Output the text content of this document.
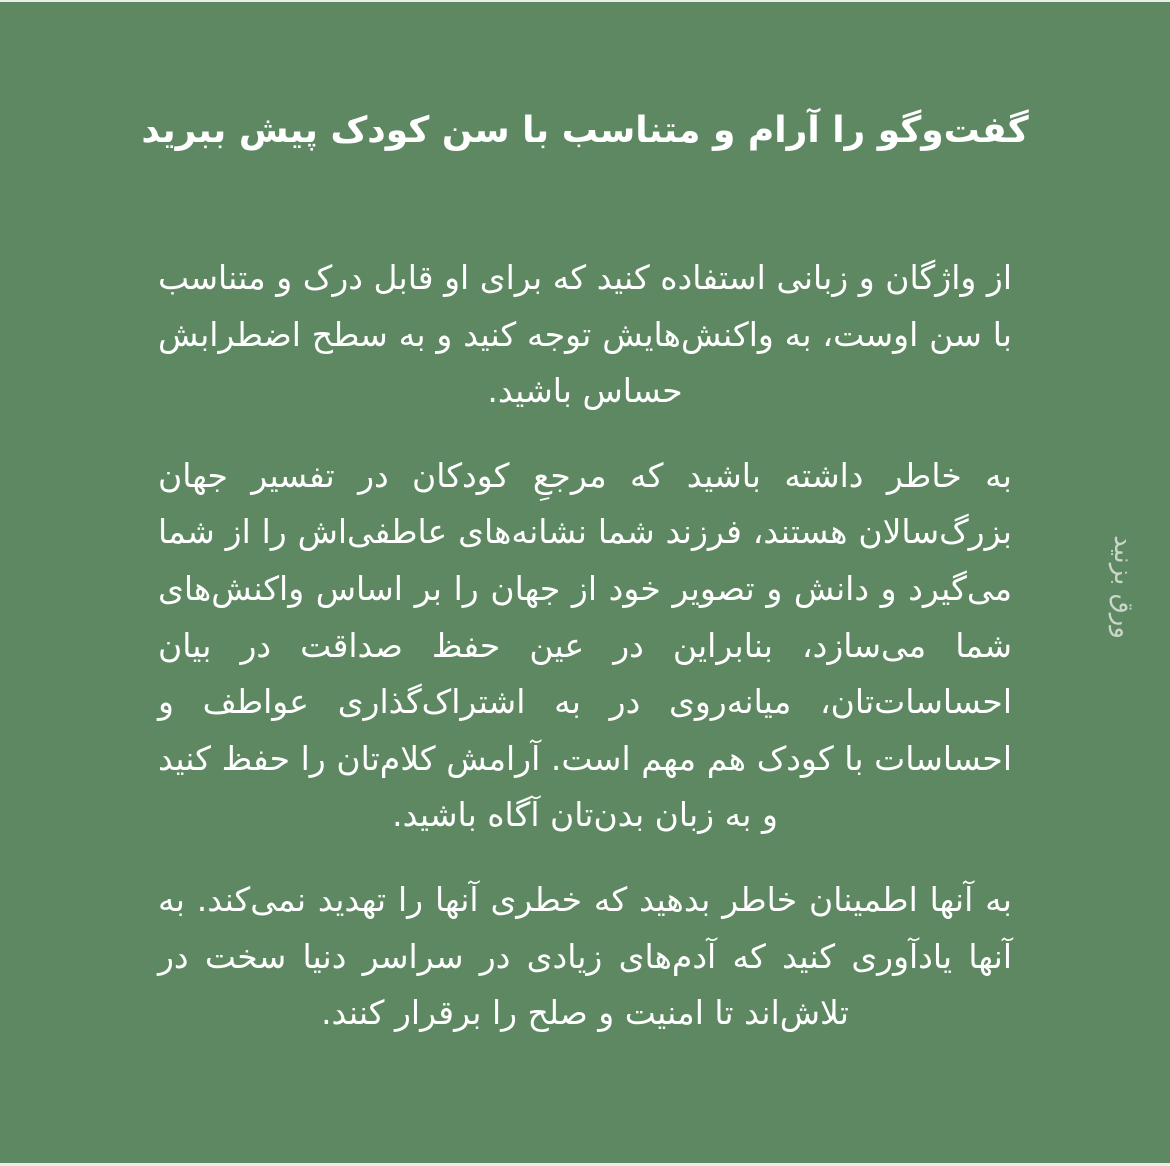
گفت‌وگو را آرام و متناسب با سن کودک پیش ببرید

از واژگان و زبانی استفاده کنید که برای او قابل درک و متناسب با سن اوست، به واکنش‌هایش توجه کنید و به سطح اضطرابش حساس باشید.

به خاطر داشته باشید که مرجعِ کودکان در تفسیر جهان بزرگ‌سالان هستند، فرزند شما نشانه‌های عاطفی‌اش را از شما می‌گیرد و دانش و تصویر خود از جهان را بر اساس واکنش‌های شما می‌سازد، بنابراین در عین حفظ صداقت در بیان احساسات‌تان، میانه‌روی در به اشتراک‌گذاری عواطف و احساسات با کودک هم مهم است. آرامش کلام‌تان را حفظ کنید و به زبان بدن‌تان آگاه باشید.

به آنها اطمینان خاطر بدهید که خطری آنها را تهدید نمی‌کند. به آنها یادآوری کنید که آدم‌های زیادی در سراسر دنیا سخت در تلاش‌اند تا امنیت و صلح را برقرار کنند.

ورق بزنید
